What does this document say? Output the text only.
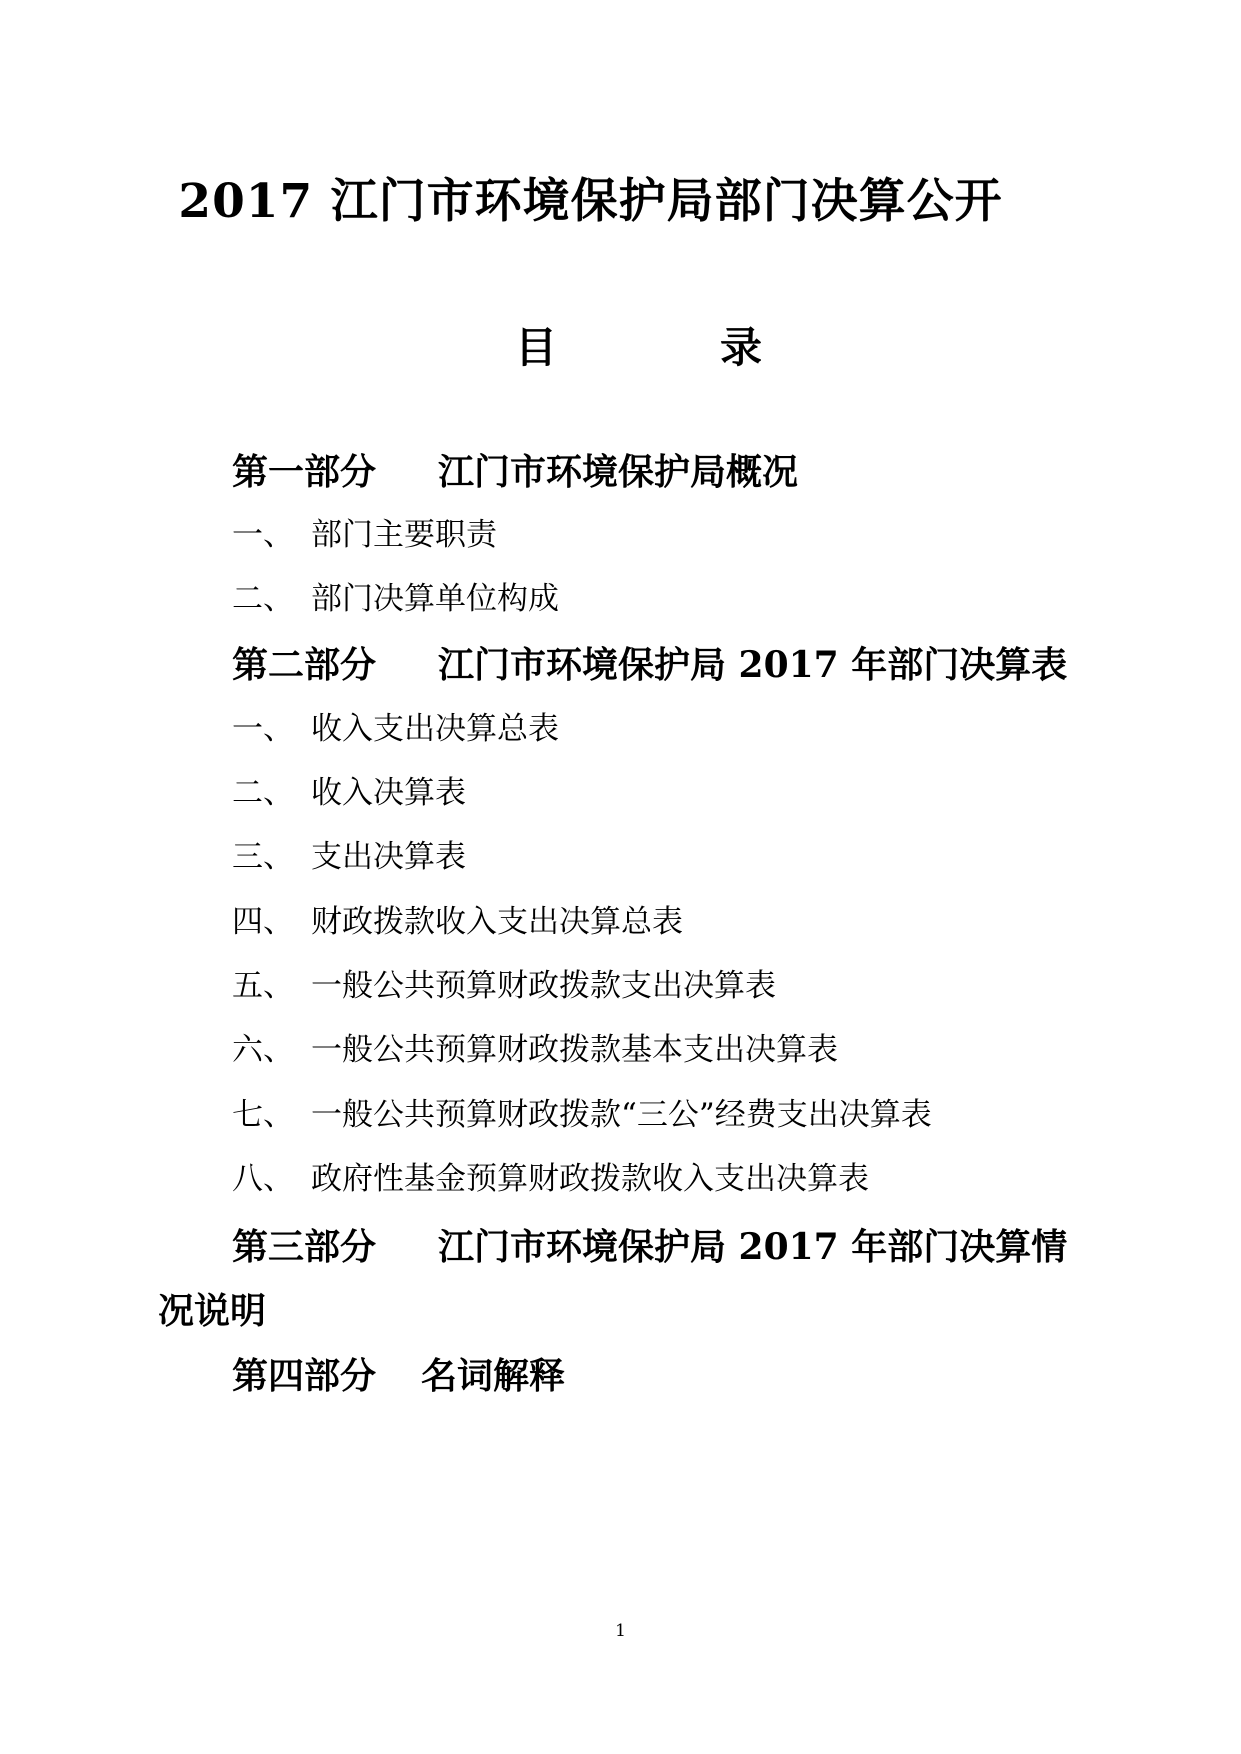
2017 江门市环境保护局部门决算公开
目	录
第一部分 江门市环境保护局概况
一、 部门主要职责
二、 部门决算单位构成
第二部分 江门市环境保护局 2017 年部门决算表
一、 收入支出决算总表
二、 收入决算表
三、 支出决算表
四、 财政拨款收入支出决算总表
五、 一般公共预算财政拨款支出决算表
六、 一般公共预算财政拨款基本支出决算表
七、 一般公共预算财政拨款“三公”经费支出决算表
八、 政府性基金预算财政拨款收入支出决算表
第三部分 江门市环境保护局 2017 年部门决算情
况说明
第四部分 名词解释
1
